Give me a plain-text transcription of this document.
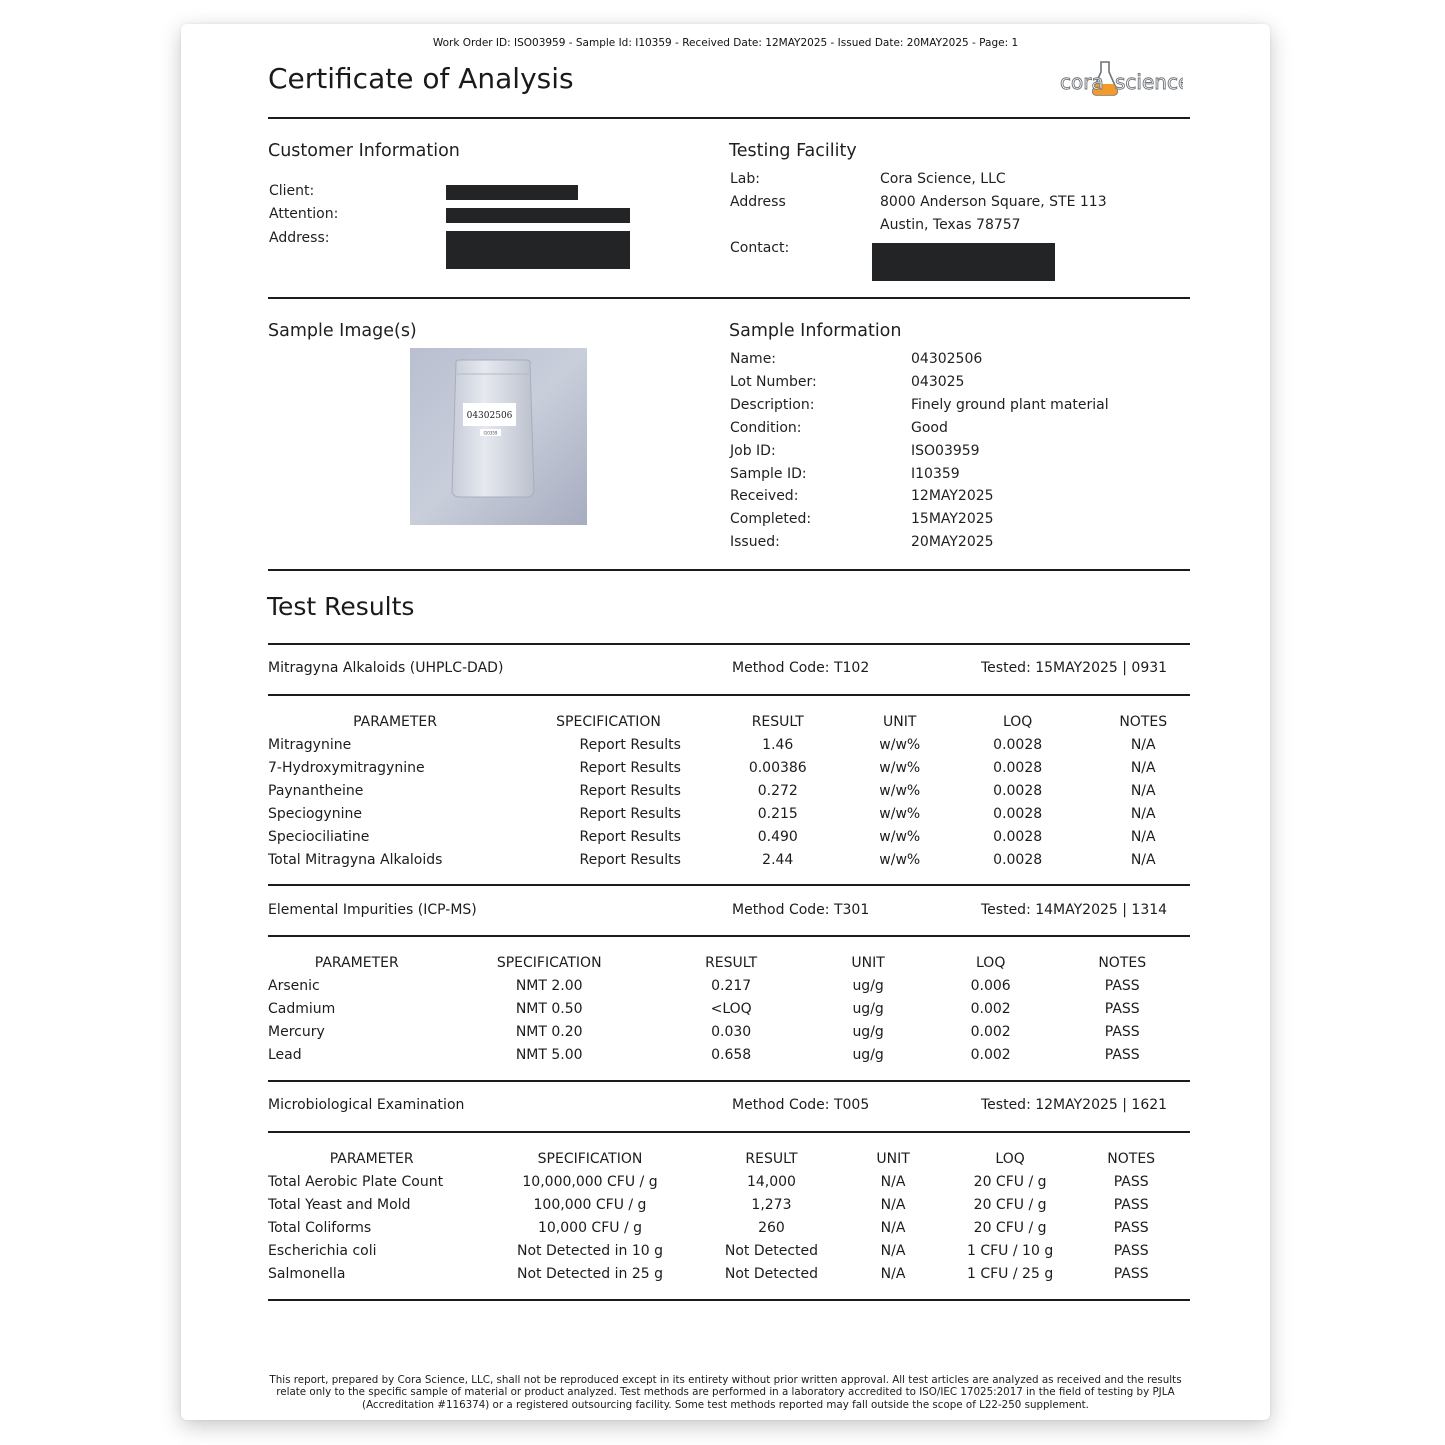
Work Order ID: ISO03959 - Sample Id: I10359 - Received Date: 12MAY2025 - Issued Date: 20MAY2025 - Page: 1
Certificate of Analysis	cora science
Customer Information
Client:
Attention:
Address:
Testing Facility
Lab:	Cora Science, LLC
Address	8000 Anderson Square, STE 113
Austin, Texas 78757
Contact:
Sample Image(s)
04302506
I10359
Sample Information
Name:	04302506
Lot Number:	043025
Description:	Finely ground plant material
Condition:	Good
Job ID:	ISO03959
Sample ID:	I10359
Received:	12MAY2025
Completed:	15MAY2025
Issued:	20MAY2025
Test Results
Mitragyna Alkaloids (UHPLC-DAD)	Method Code: T102	Tested: 15MAY2025 | 0931
PARAMETER	SPECIFICATION	RESULT	UNIT	LOQ	NOTES
Mitragynine	Report Results	1.46	w/w%	0.0028	N/A
7-Hydroxymitragynine	Report Results	0.00386	w/w%	0.0028	N/A
Paynantheine	Report Results	0.272	w/w%	0.0028	N/A
Speciogynine	Report Results	0.215	w/w%	0.0028	N/A
Speciociliatine	Report Results	0.490	w/w%	0.0028	N/A
Total Mitragyna Alkaloids	Report Results	2.44	w/w%	0.0028	N/A
Elemental Impurities (ICP-MS)	Method Code: T301	Tested: 14MAY2025 | 1314
PARAMETER	SPECIFICATION	RESULT	UNIT	LOQ	NOTES
Arsenic	NMT 2.00	0.217	ug/g	0.006	PASS
Cadmium	NMT 0.50	<LOQ	ug/g	0.002	PASS
Mercury	NMT 0.20	0.030	ug/g	0.002	PASS
Lead	NMT 5.00	0.658	ug/g	0.002	PASS
Microbiological Examination	Method Code: T005	Tested: 12MAY2025 | 1621
PARAMETER	SPECIFICATION	RESULT	UNIT	LOQ	NOTES
Total Aerobic Plate Count	10,000,000 CFU / g	14,000	N/A	20 CFU / g	PASS
Total Yeast and Mold	100,000 CFU / g	1,273	N/A	20 CFU / g	PASS
Total Coliforms	10,000 CFU / g	260	N/A	20 CFU / g	PASS
Escherichia coli	Not Detected in 10 g	Not Detected	N/A	1 CFU / 10 g	PASS
Salmonella	Not Detected in 25 g	Not Detected	N/A	1 CFU / 25 g	PASS
This report, prepared by Cora Science, LLC, shall not be reproduced except in its entirety without prior written approval. All test articles are analyzed as received and the results relate only to the specific sample of material or product analyzed. Test methods are performed in a laboratory accredited to ISO/IEC 17025:2017 in the field of testing by PJLA (Accreditation #116374) or a registered outsourcing facility. Some test methods reported may fall outside the scope of L22-250 supplement.
